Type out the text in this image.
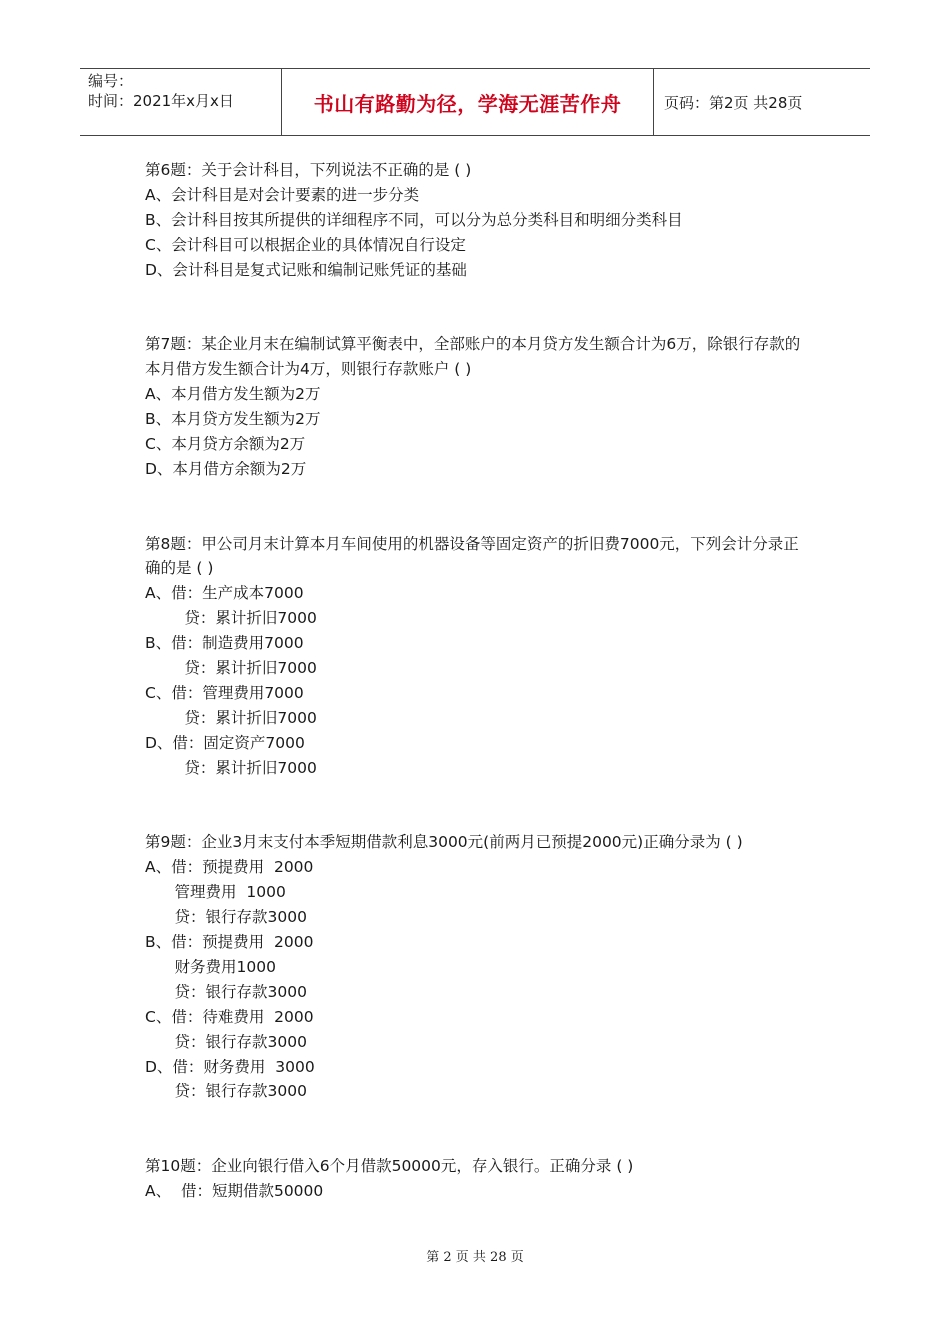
编号：
时间：2021年x月x日	书山有路勤为径，学海无涯苦作舟	页码：第2页 共28页
第6题：关于会计科目，下列说法不正确的是 ( )
A、会计科目是对会计要素的进一步分类
B、会计科目按其所提供的详细程序不同，可以分为总分类科目和明细分类科目
C、会计科目可以根据企业的具体情况自行设定
D、会计科目是复式记账和编制记账凭证的基础
第7题：某企业月末在编制试算平衡表中，全部账户的本月贷方发生额合计为6万，除银行存款的本月借方发生额合计为4万，则银行存款账户 ( )
A、本月借方发生额为2万
B、本月贷方发生额为2万
C、本月贷方余额为2万
D、本月借方余额为2万
第8题：甲公司月末计算本月车间使用的机器设备等固定资产的折旧费7000元，下列会计分录正确的是 ( )
A、借：生产成本7000
贷：累计折旧7000
B、借：制造费用7000
贷：累计折旧7000
C、借：管理费用7000
贷：累计折旧7000
D、借：固定资产7000
贷：累计折旧7000
第9题：企业3月末支付本季短期借款利息3000元(前两月已预提2000元)正确分录为 ( )
A、借：预提费用  2000
管理费用  1000
贷：银行存款3000
B、借：预提费用  2000
财务费用1000
贷：银行存款3000
C、借：待难费用  2000
贷：银行存款3000
D、借：财务费用  3000
贷：银行存款3000
第10题：企业向银行借入6个月借款50000元，存入银行。正确分录 ( )
A、  借：短期借款50000
第 2 页 共 28 页
